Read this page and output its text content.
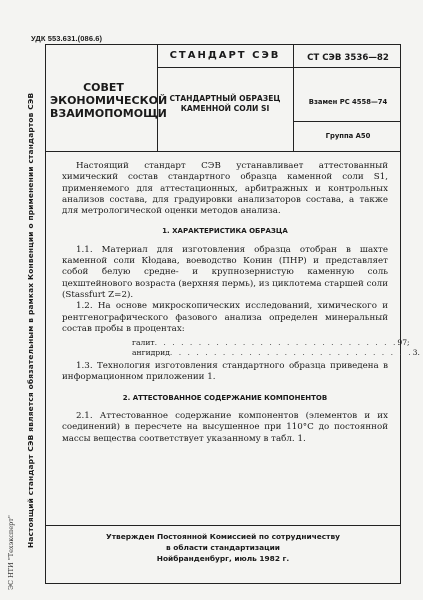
УДК 553.631.(086.6)
СОВЕТ
ЭКОНОМИЧЕСКОЙ
ВЗАИМОПОМОЩИ
СТАНДАРТ СЭВ
СТАНДАРТНЫЙ ОБРАЗЕЦ
КАМЕННОЙ СОЛИ SI
СТ СЭВ 3536—82
Взамен РС 4558—74
Группа А50

Настоящий стандарт СЭВ устанавливает аттестованный химический состав стандартного образца каменной соли S1, применяемого для аттестационных, арбитражных и контрольных анализов состава, для градуировки анализаторов состава, а также для метрологической оценки методов анализа.

1. ХАРАКТЕРИСТИКА ОБРАЗЦА

1.1. Материал для изготовления образца отобран в шахте каменной соли Кłодава, воеводство Конин (ПНР) и представляет собой белую средне- и крупнозернистую каменную соль цехштейнового возраста (верхняя пермь), из циклотема старшей соли (Stassfurt Z=2).

1.2. На основе микроскопических исследований, химического и рентгенографического фазового анализа определен минеральный состав пробы в процентах:

галит . . . . . . . . . . . . . . . . . . . . . . . . . . . . 97;
ангидрид . . . . . . . . . . . . . . . . . . . . . . . . . . . . 3.

1.3. Технология изготовления стандартного образца приведена в информационном приложении 1.

2. АТТЕСТОВАННОЕ СОДЕРЖАНИЕ КОМПОНЕНТОВ

2.1. Аттестованное содержание компонентов (элементов и их соединений) в пересчете на высушенное при 110°С до постоянной массы вещества соответствует указанному в табл. 1.

Утвержден Постоянной Комиссией по сотрудничеству
в области стандартизации
Нойбранденбург, июль 1982 г.
Настоящий стандарт СЭВ является обязательным в рамках Конвенции о применении стандартов СЭВ
ЭС НТИ "Техэксперт"
